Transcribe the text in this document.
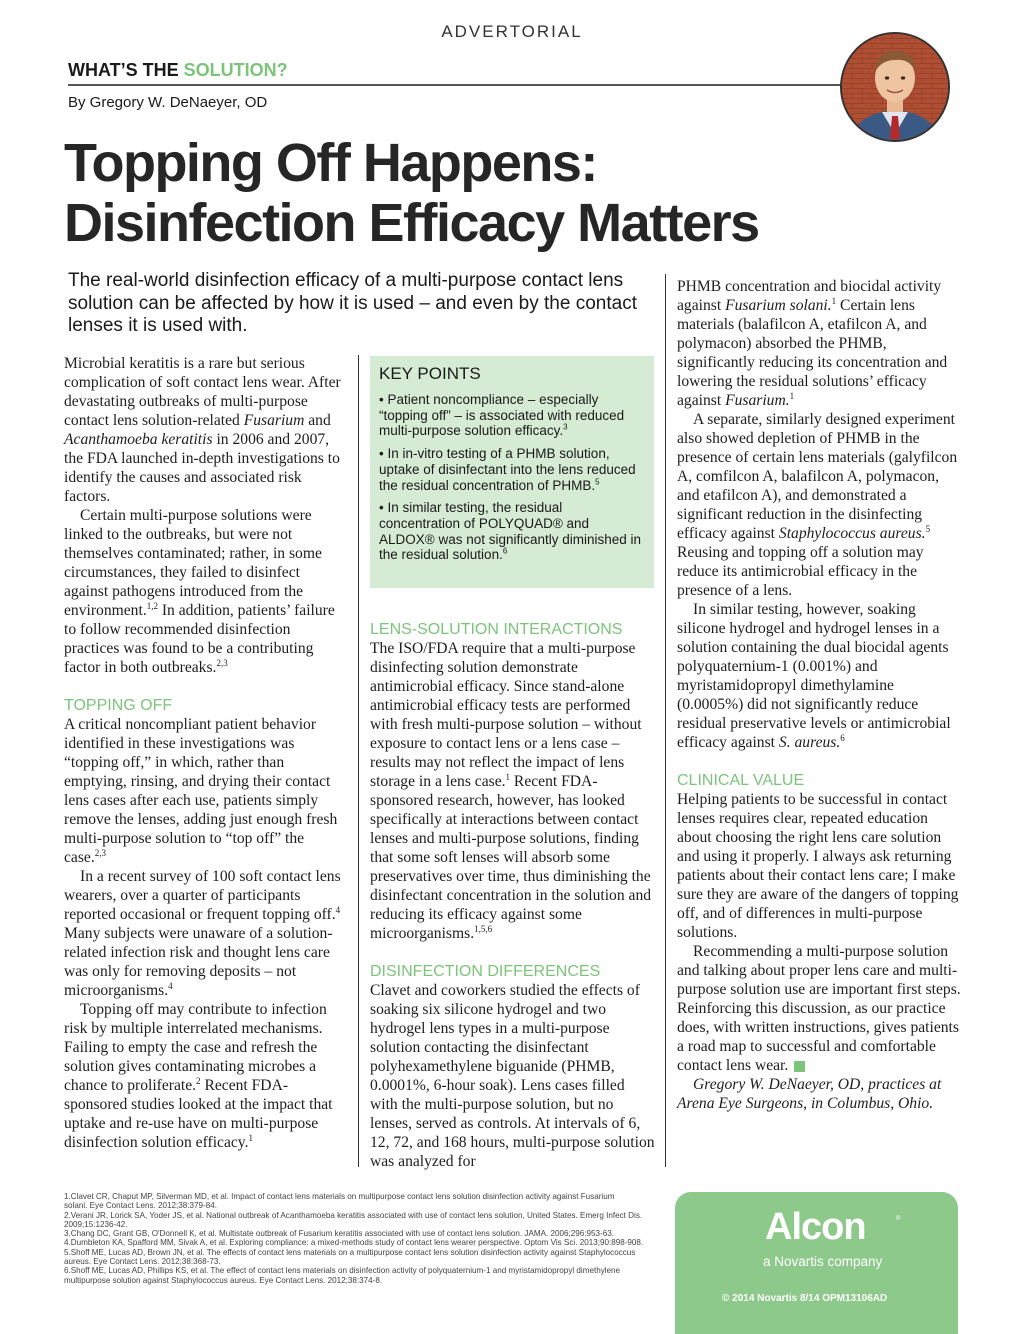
ADVERTORIAL
WHAT’S THE SOLUTION?
By Gregory W. DeNaeyer, OD
Topping Off Happens:
Disinfection Efficacy Matters

The real-world disinfection efficacy of a multi-purpose contact lens solution can be affected by how it is used – and even by the contact lenses it is used with.

Microbial keratitis is a rare but serious complication of soft contact lens wear. After devastating outbreaks of multi-purpose contact lens solution-related Fusarium and Acanthamoeba keratitis in 2006 and 2007, the FDA launched in-depth investigations to identify the causes and associated risk factors.

Certain multi-purpose solutions were linked to the outbreaks, but were not themselves contaminated; rather, in some circumstances, they failed to disinfect against pathogens introduced from the environment.$^{1,2}$ In addition, patients’ failure to follow recommended disinfection practices was found to be a contributing factor in both outbreaks.$^{2,3}$

TOPPING OFF

A critical noncompliant patient behavior identified in these investigations was “topping off,” in which, rather than emptying, rinsing, and drying their contact lens cases after each use, patients simply remove the lenses, adding just enough fresh multi-purpose solution to “top off” the case.$^{2,3}$

In a recent survey of 100 soft contact lens wearers, over a quarter of participants reported occasional or frequent topping off.$^4$ Many subjects were unaware of a solution-related infection risk and thought lens care was only for removing deposits – not microorganisms.$^4$

Topping off may contribute to infection risk by multiple interrelated mechanisms. Failing to empty the case and refresh the solution gives contaminating microbes a chance to proliferate.$^2$ Recent FDA-sponsored studies looked at the impact that uptake and re-use have on multi-purpose disinfection solution efficacy.$^1$

KEY POINTS

• Patient noncompliance – especially “topping off” – is associated with reduced multi-purpose solution efficacy.$^3$

• In in-vitro testing of a PHMB solution, uptake of disinfectant into the lens reduced the residual concentration of PHMB.$^5$

• In similar testing, the residual concentration of POLYQUAD® and ALDOX® was not significantly diminished in the residual solution.$^6$

LENS-SOLUTION INTERACTIONS

The ISO/FDA require that a multi-purpose disinfecting solution demonstrate antimicrobial efficacy. Since stand-alone antimicrobial efficacy tests are performed with fresh multi-purpose solution – without exposure to contact lens or a lens case – results may not reflect the impact of lens storage in a lens case.$^1$ Recent FDA-sponsored research, however, has looked specifically at interactions between contact lenses and multi-purpose solutions, finding that some soft lenses will absorb some preservatives over time, thus diminishing the disinfectant concentration in the solution and reducing its efficacy against some microorganisms.$^{1,5,6}$

DISINFECTION DIFFERENCES

Clavet and coworkers studied the effects of soaking six silicone hydrogel and two hydrogel lens types in a multi-purpose solution contacting the disinfectant polyhexamethylene biguanide (PHMB, 0.0001%, 6-hour soak). Lens cases filled with the multi-purpose solution, but no lenses, served as controls. At intervals of 6, 12, 72, and 168 hours, multi-purpose solution was analyzed for

PHMB concentration and biocidal activity against Fusarium solani.$^1$ Certain lens materials (balafilcon A, etafilcon A, and polymacon) absorbed the PHMB, significantly reducing its concentration and lowering the residual solutions’ efficacy against Fusarium.$^1$

A separate, similarly designed experiment also showed depletion of PHMB in the presence of certain lens materials (galyfilcon A, comfilcon A, balafilcon A, polymacon, and etafilcon A), and demonstrated a significant reduction in the disinfecting efficacy against Staphylococcus aureus.$^5$ Reusing and topping off a solution may reduce its antimicrobial efficacy in the presence of a lens.

In similar testing, however, soaking silicone hydrogel and hydrogel lenses in a solution containing the dual biocidal agents polyquaternium-1 (0.001%) and myristamidopropyl dimethylamine (0.0005%) did not significantly reduce residual preservative levels or antimicrobial efficacy against S. aureus.$^6$

CLINICAL VALUE

Helping patients to be successful in contact lenses requires clear, repeated education about choosing the right lens care solution and using it properly. I always ask returning patients about their contact lens care; I make sure they are aware of the dangers of topping off, and of differences in multi-purpose solutions.

Recommending a multi-purpose solution and talking about proper lens care and multi-purpose solution use are important first steps. Reinforcing this discussion, as our practice does, with written instructions, gives patients a road map to successful and comfortable contact lens wear.

Gregory W. DeNaeyer, OD, practices at Arena Eye Surgeons, in Columbus, Ohio.

1.Clavet CR, Chaput MP, Silverman MD, et al. Impact of contact lens materials on multipurpose contact lens solution disinfection activity against Fusarium
solani. Eye Contact Lens. 2012;38:379-84.
2.Verani JR, Lorick SA, Yoder JS, et al. National outbreak of Acanthamoeba keratitis associated with use of contact lens solution, United States. Emerg Infect Dis.
2009;15:1236-42.
3.Chang DC, Grant GB, O'Donnell K, et al. Multistate outbreak of Fusarium keratitis associated with use of contact lens solution. JAMA. 2006;296:953-63.
4.Dumbleton KA, Spafford MM, Sivak A, et al. Exploring compliance: a mixed-methods study of contact lens wearer perspective. Optom Vis Sci. 2013;90:898-908.
5.Shoff ME, Lucas AD, Brown JN, et al. The effects of contact lens materials on a multipurpose contact lens solution disinfection activity against Staphylococcus
aureus. Eye Contact Lens. 2012;38:368-73.
6.Shoff ME, Lucas AD, Phillips KS, et al. The effect of contact lens materials on disinfection activity of polyquaternium-1 and myristamidopropyl dimethylene
multipurpose solution against Staphylococcus aureus. Eye Contact Lens. 2012;38:374-8.
Alcon	®
a Novartis company
© 2014 Novartis 8/14 OPM13106AD
